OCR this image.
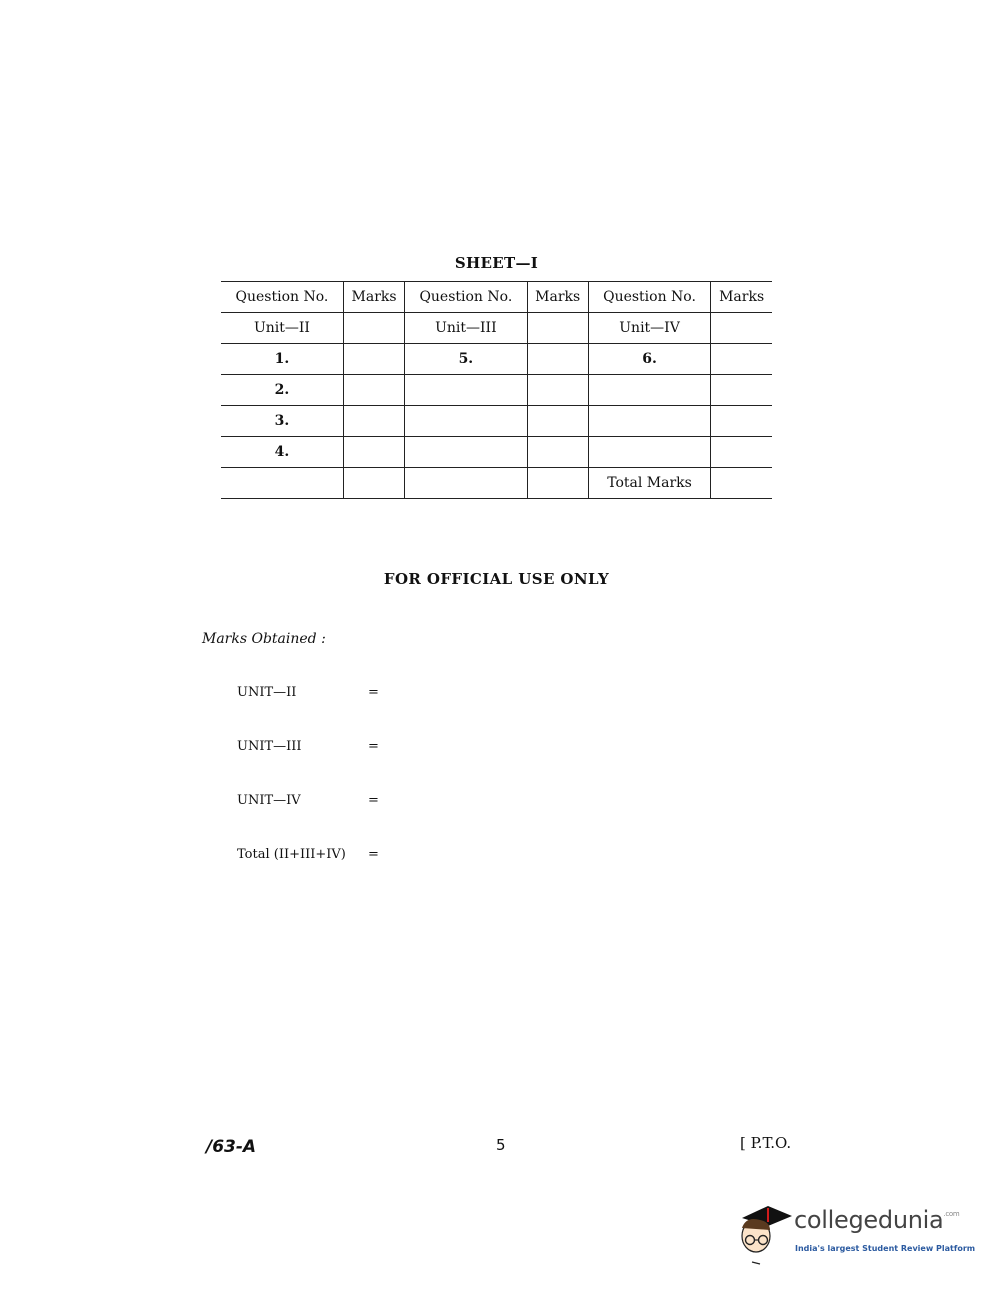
SHEET—I
Question No.	Marks	Question No.	Marks	Question No.	Marks
Unit—II		Unit—III		Unit—IV	
1.		5.		6.	
2.					
3.					
4.					
				Total Marks	
FOR OFFICIAL USE ONLY
Marks Obtained :
UNIT—II	=
UNIT—III	=
UNIT—IV	=
Total (II+III+IV) =
/63-A	5	[ P.T.O.
collegedunia$^{.com}$
India's largest Student Review Platform
